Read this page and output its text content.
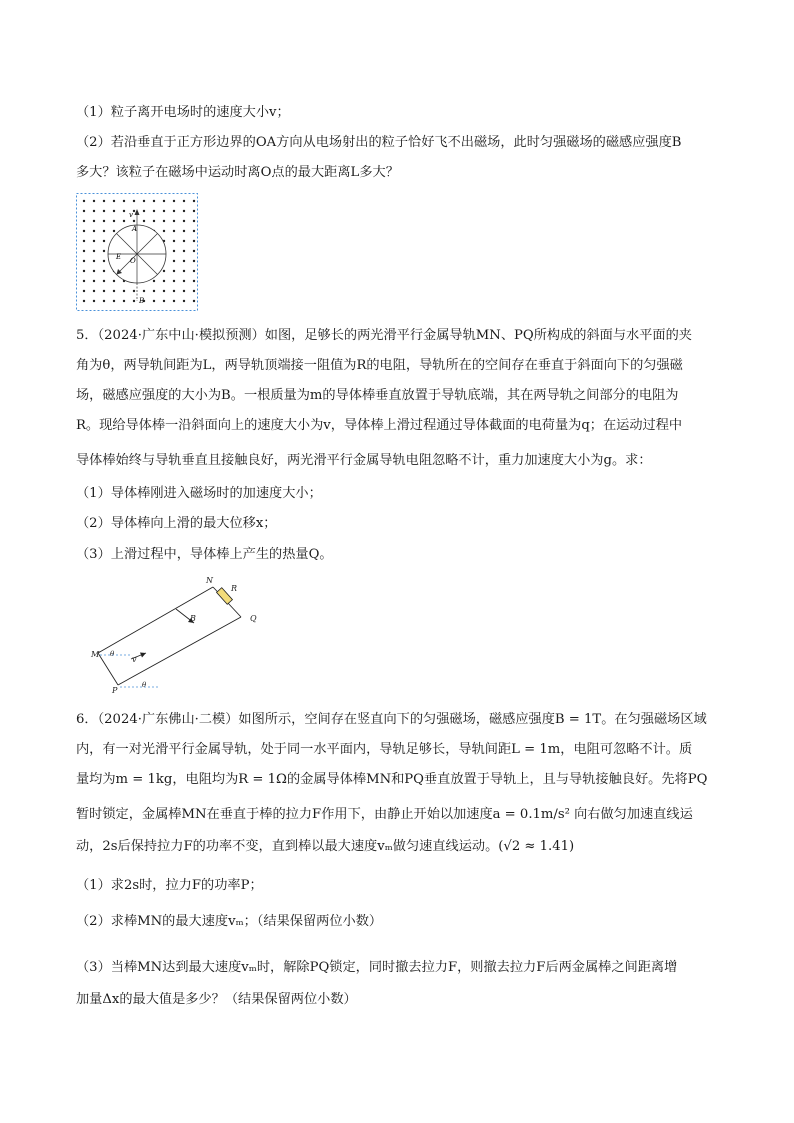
（1）粒子离开电场时的速度大小v；
（2）若沿垂直于正方形边界的OA方向从电场射出的粒子恰好飞不出磁场，此时匀强磁场的磁感应强度B
多大？该粒子在磁场中运动时离O点的最大距离L多大？
v
A
O
E
B
5．（2024·广东中山·模拟预测）如图，足够长的两光滑平行金属导轨MN、PQ所构成的斜面与水平面的夹
角为θ，两导轨间距为L，两导轨顶端接一阻值为R的电阻，导轨所在的空间存在垂直于斜面向下的匀强磁
场，磁感应强度的大小为B。一根质量为m的导体棒垂直放置于导轨底端，其在两导轨之间部分的电阻为
R。现给导体棒一沿斜面向上的速度大小为v，导体棒上滑过程通过导体截面的电荷量为q；在运动过程中
导体棒始终与导轨垂直且接触良好，两光滑平行金属导轨电阻忽略不计，重力加速度大小为g。求：
（1）导体棒刚进入磁场时的加速度大小；
（2）导体棒向上滑的最大位移x；
（3）上滑过程中，导体棒上产生的热量Q。
N
R
Q
B
M
v
P
θ
θ
6．（2024·广东佛山·二模）如图所示，空间存在竖直向下的匀强磁场，磁感应强度B = 1T。在匀强磁场区域
内，有一对光滑平行金属导轨，处于同一水平面内，导轨足够长，导轨间距L = 1m，电阻可忽略不计。质
量均为m = 1kg，电阻均为R = 1Ω的金属导体棒MN和PQ垂直放置于导轨上，且与导轨接触良好。先将PQ
暂时锁定，金属棒MN在垂直于棒的拉力F作用下，由静止开始以加速度a = 0.1m/s² 向右做匀加速直线运
动，2s后保持拉力F的功率不变，直到棒以最大速度vₘ做匀速直线运动。(√2 ≈ 1.41)
（1）求2s时，拉力F的功率P；
（2）求棒MN的最大速度vₘ；（结果保留两位小数）
（3）当棒MN达到最大速度vₘ时，解除PQ锁定，同时撤去拉力F，则撤去拉力F后两金属棒之间距离增
加量Δx的最大值是多少？（结果保留两位小数）
